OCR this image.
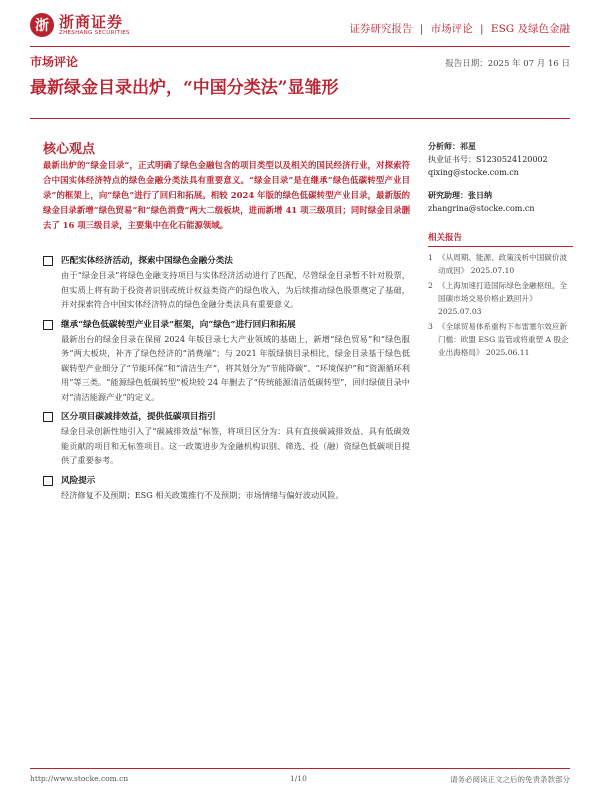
浙 浙商证券
ZHESHANG SECURITIES	证券研究报告 | 市场评论 | ESG 及绿色金融
市场评论	报告日期：2025 年 07 月 16 日
最新绿金目录出炉，“中国分类法”显雏形
核心观点

最新出炉的“绿金目录”，正式明确了绿色金融包含的项目类型以及相关的国民经济行业，对探索符合中国实体经济特点的绿色金融分类法具有重要意义。“绿金目录”是在继承“绿色低碳转型产业目录”的框架上，向“绿色”进行了回归和拓展。相较 2024 年版的绿色低碳转型产业目录，最新版的绿金目录新增“绿色贸易”和“绿色消费”两大二级板块，进而新增 41 项三级项目；同时绿金目录删去了 16 项三级目录，主要集中在化石能源领域。

匹配实体经济活动，探索中国绿色金融分类法

由于“绿金目录”将绿色金融支持项目与实体经济活动进行了匹配，尽管绿金目录暂不针对股票，但实质上将有助于投资者识别或统计权益类资产的绿色收入，为后续推动绿色股票奠定了基础，并对探索符合中国实体经济特点的绿色金融分类法具有重要意义。

继承“绿色低碳转型产业目录”框架，向“绿色”进行回归和拓展

最新出台的绿金目录在保留 2024 年版目录七大产业领域的基础上，新增“绿色贸易”和“绿色服务”两大板块，补齐了绿色经济的“消费端”；与 2021 年版绿债目录相比，绿金目录基于绿色低碳转型产业细分了“节能环保”和“清洁生产”，将其划分为“节能降碳”、“环境保护”和“资源循环利用”等三类。“能源绿色低碳转型”板块较 24 年删去了“传统能源清洁低碳转型”，回归绿债目录中对“清洁能源产业”的定义。

区分项目碳减排效益，提供低碳项目指引

绿金目录创新性地引入了“碳减排效益”标签，将项目区分为：具有直接碳减排效益、具有低碳效能贡献的项目和无标签项目。这一政策进步为金融机构识别、筛选、投（融）资绿色低碳项目提供了重要参考。

风险提示

经济修复不及预期；ESG 相关政策推行不及预期；市场情绪与偏好波动风险。

分析师：祁星
执业证书号：S1230524120002
qixing@stocke.com.cn
研究助理：张日纳
zhangrina@stocke.com.cn
相关报告
1 《从周期、能源、政策浅析中国碳价波动成因》 2025.07.10
2 《上海加速打造国际绿色金融枢纽，全国碳市场交易价格止跌回升》 2025.07.03
3 《全球贸易体系重构下布雷塞尔效应新门槛：欧盟 ESG 监管或将重塑 A 股企业出海格局》 2025.06.11
http://www.stocke.com.cn	1/10	请务必阅读正文之后的免责条款部分
